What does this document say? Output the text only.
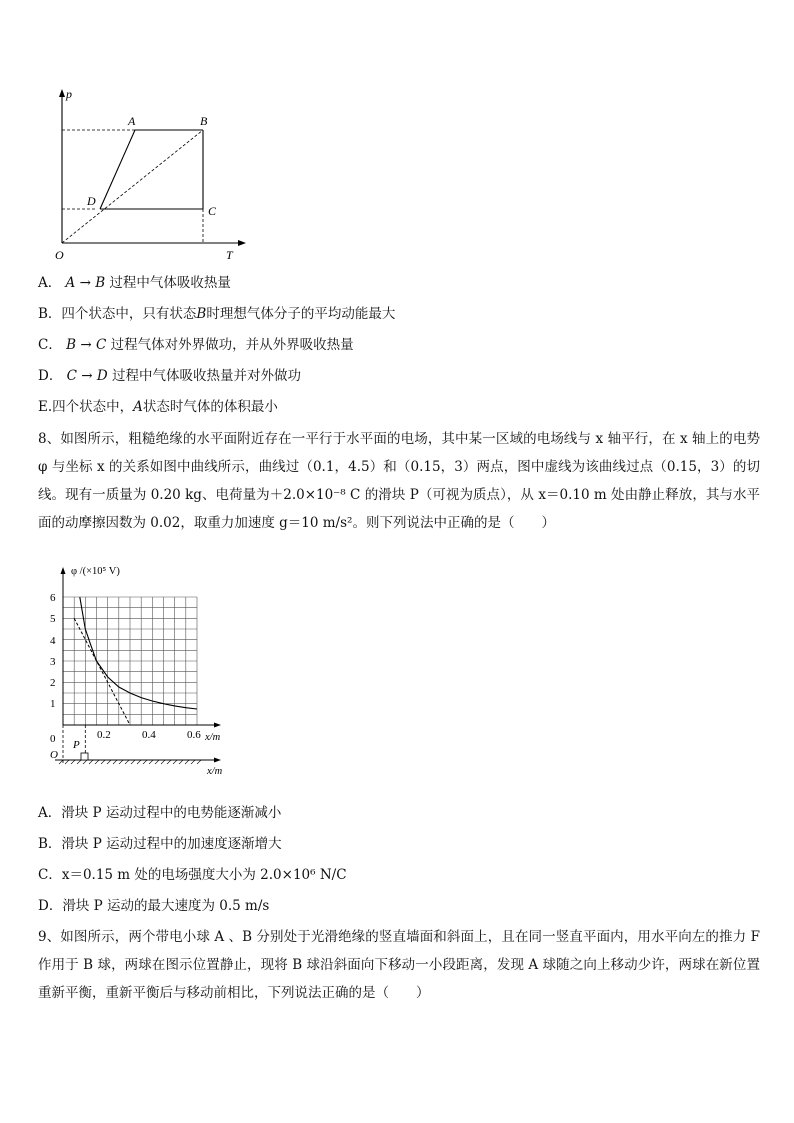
p
T
O
A	B
C
D
A． A → B 过程中气体吸收热量
B．四个状态中，只有状态B时理想气体分子的平均动能最大
C． B → C 过程气体对外界做功，并从外界吸收热量
D． C → D 过程中气体吸收热量并对外做功
E.四个状态中，A状态时气体的体积最小
8、如图所示，粗糙绝缘的水平面附近存在一平行于水平面的电场，其中某一区域的电场线与 x 轴平行，在 x 轴上的电势 φ 与坐标 x 的关系如图中曲线所示，曲线过（0.1，4.5）和（0.15，3）两点，图中虚线为该曲线过点（0.15，3）的切线。现有一质量为 0.20 kg、电荷量为＋2.0×10⁻⁸ C 的滑块 P（可视为质点），从 x＝0.10 m 处由静止释放，其与水平面的动摩擦因数为 0.02，取重力加速度 g＝10 m/s²。则下列说法中正确的是（　　）
φ /(×10⁵ V)
6
5
4
3
2
1
0
O
0.2	0.4	0.6 x/m
P
x/m
A．滑块 P 运动过程中的电势能逐渐减小
B．滑块 P 运动过程中的加速度逐渐增大
C．x＝0.15 m 处的电场强度大小为 2.0×10⁶ N/C
D．滑块 P 运动的最大速度为 0.5 m/s
9、如图所示，两个带电小球 A 、B 分别处于光滑绝缘的竖直墙面和斜面上，且在同一竖直平面内，用水平向左的推力 F 作用于 B 球，两球在图示位置静止，现将 B 球沿斜面向下移动一小段距离，发现 A 球随之向上移动少许，两球在新位置重新平衡，重新平衡后与移动前相比，下列说法正确的是（　　）
